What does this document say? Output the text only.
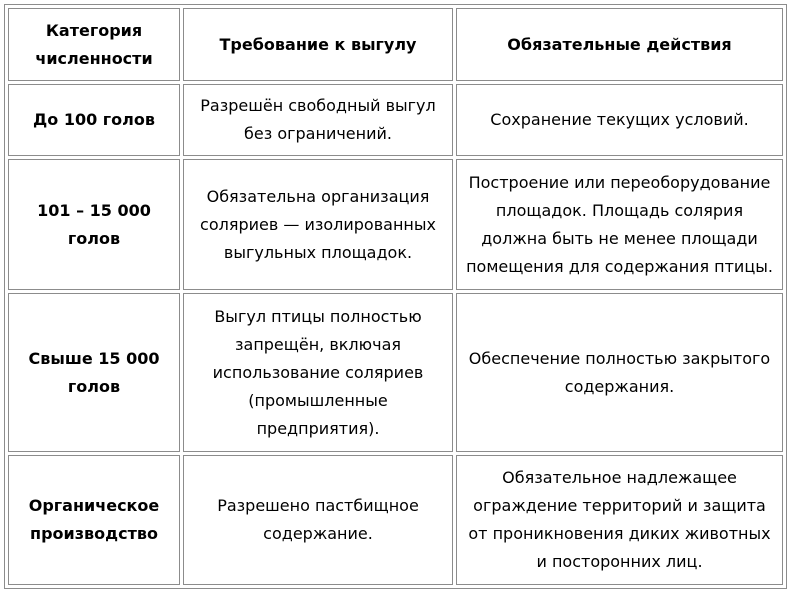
Категория численности	Требование к выгулу	Обязательные действия
До 100 голов	Разрешён свободный выгул без ограничений.	Сохранение текущих условий.
101 – 15 000 голов	Обязательна организация соляриев — изолированных выгульных площадок.	Построение или переоборудование площадок. Площадь солярия должна быть не менее площади помещения для содержания птицы.
Свыше 15 000 голов	Выгул птицы полностью запрещён, включая использование соляриев (промышленные предприятия).	Обеспечение полностью закрытого содержания.
Органическое производство	Разрешено пастбищное содержание.	Обязательное надлежащее ограждение территорий и защита от проникновения диких животных и посторонних лиц.
